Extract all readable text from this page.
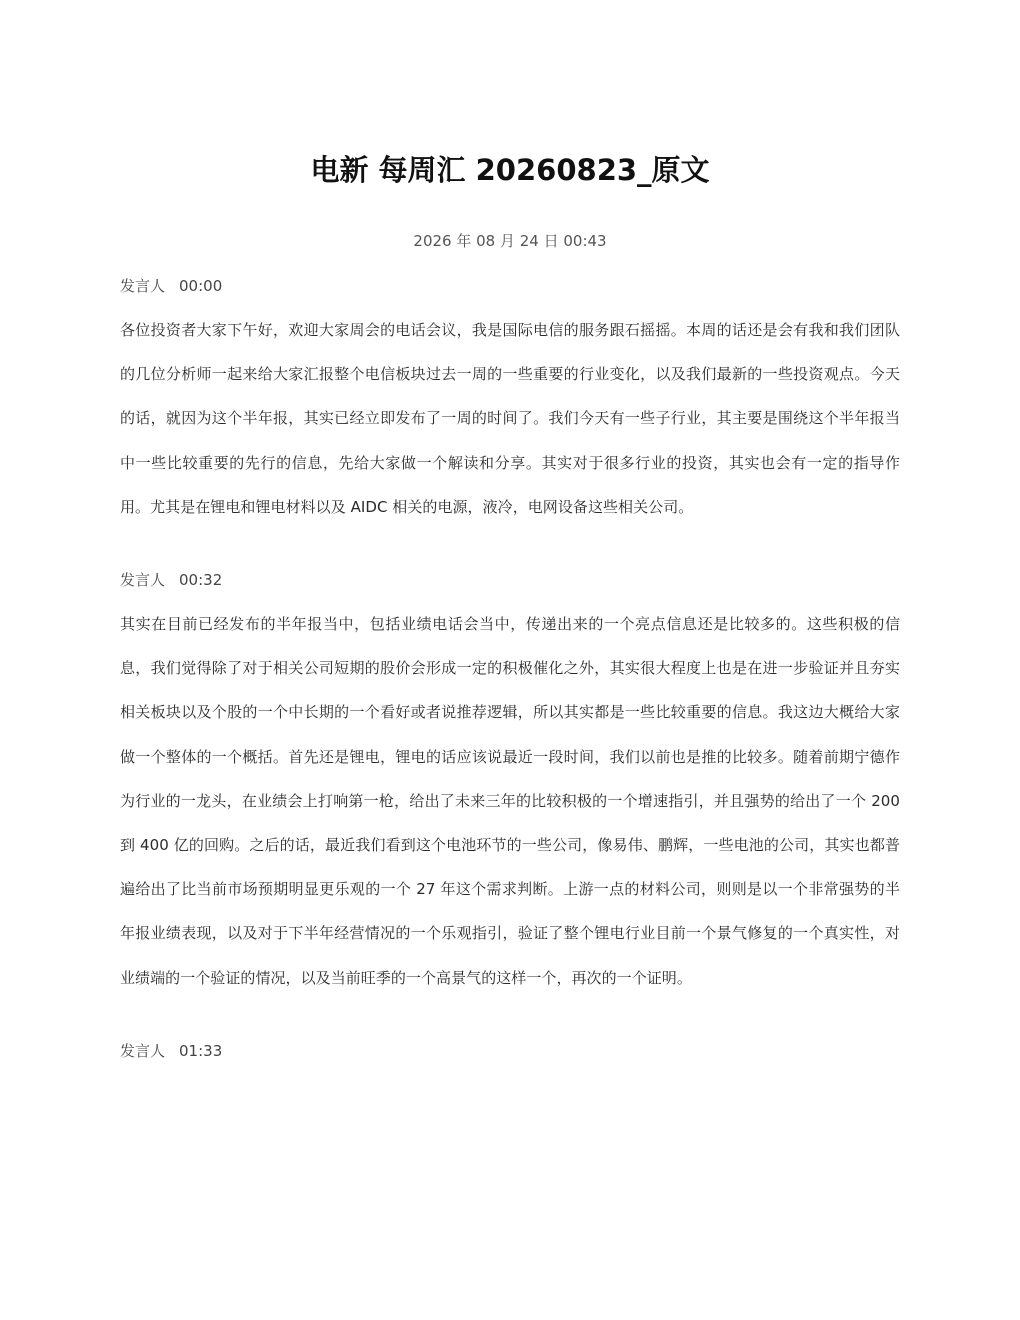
电新 每周汇 20260823_原文
2026 年 08 月 24 日 00:43
发言人 00:00
各位投资者大家下午好，欢迎大家周会的电话会议，我是国际电信的服务跟石摇摇。本周的话还是会有我和我们团队的几位分析师一起来给大家汇报整个电信板块过去一周的一些重要的行业变化，以及我们最新的一些投资观点。今天的话，就因为这个半年报，其实已经立即发布了一周的时间了。我们今天有一些子行业，其主要是围绕这个半年报当中一些比较重要的先行的信息，先给大家做一个解读和分享。其实对于很多行业的投资，其实也会有一定的指导作用。尤其是在锂电和锂电材料以及 AIDC 相关的电源，液冷，电网设备这些相关公司。
发言人 00:32
其实在目前已经发布的半年报当中，包括业绩电话会当中，传递出来的一个亮点信息还是比较多的。这些积极的信息，我们觉得除了对于相关公司短期的股价会形成一定的积极催化之外，其实很大程度上也是在进一步验证并且夯实相关板块以及个股的一个中长期的一个看好或者说推荐逻辑，所以其实都是一些比较重要的信息。我这边大概给大家做一个整体的一个概括。首先还是锂电，锂电的话应该说最近一段时间，我们以前也是推的比较多。随着前期宁德作为行业的一龙头，在业绩会上打响第一枪，给出了未来三年的比较积极的一个增速指引，并且强势的给出了一个 200 到 400 亿的回购。之后的话，最近我们看到这个电池环节的一些公司，像易伟、鹏辉，一些电池的公司，其实也都普遍给出了比当前市场预期明显更乐观的一个 27 年这个需求判断。上游一点的材料公司，则则是以一个非常强势的半年报业绩表现，以及对于下半年经营情况的一个乐观指引，验证了整个锂电行业目前一个景气修复的一个真实性，对业绩端的一个验证的情况，以及当前旺季的一个高景气的这样一个，再次的一个证明。
发言人 01:33
